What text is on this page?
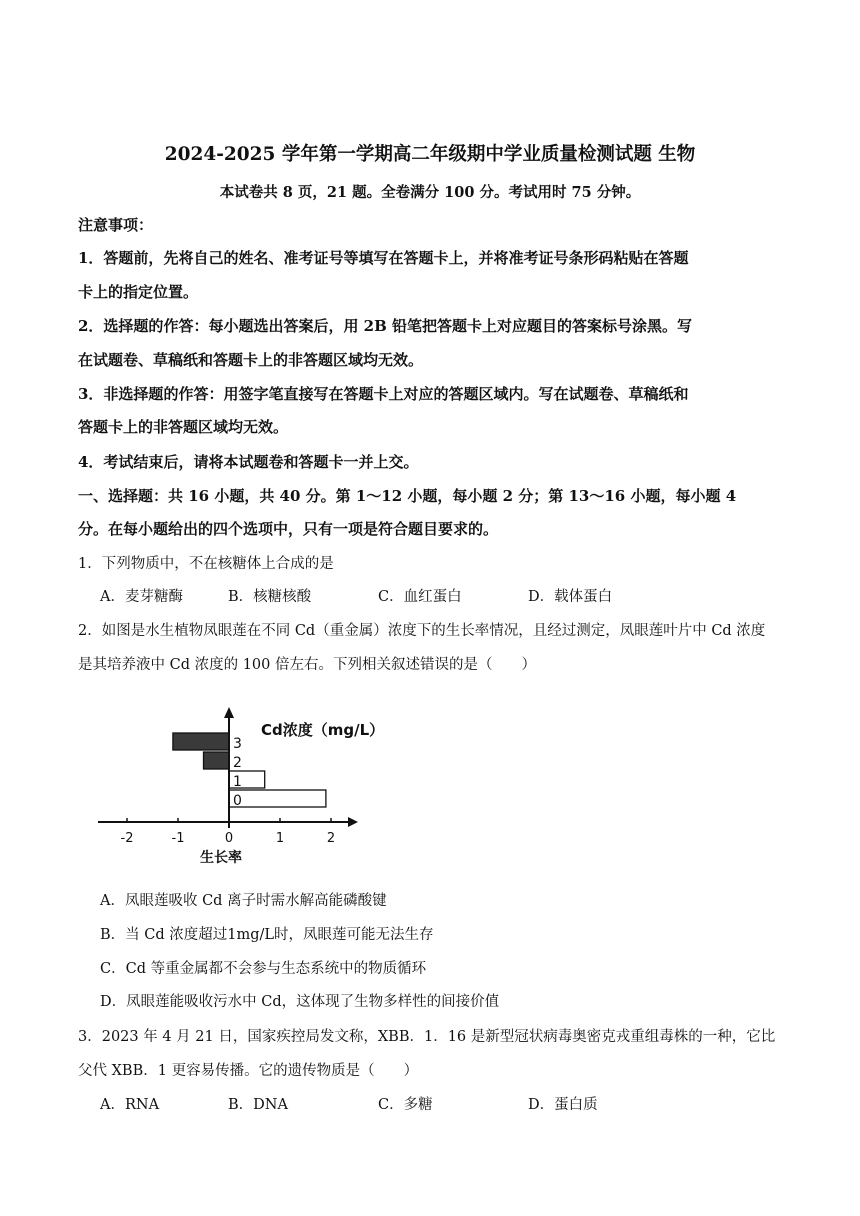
2024-2025 学年第一学期高二年级期中学业质量检测试题 生物
本试卷共 8 页，21 题。全卷满分 100 分。考试用时 75 分钟。
注意事项：
1．答题前，先将自己的姓名、准考证号等填写在答题卡上，并将准考证号条形码粘贴在答题
卡上的指定位置。
2．选择题的作答：每小题选出答案后，用 2B 铅笔把答题卡上对应题目的答案标号涂黑。写
在试题卷、草稿纸和答题卡上的非答题区域均无效。
3．非选择题的作答：用签字笔直接写在答题卡上对应的答题区域内。写在试题卷、草稿纸和
答题卡上的非答题区域均无效。
4．考试结束后，请将本试题卷和答题卡一并上交。
一、选择题：共 16 小题，共 40 分。第 1～12 小题，每小题 2 分；第 13～16 小题，每小题 4
分。在每小题给出的四个选项中，只有一项是符合题目要求的。
1．下列物质中，不在核糖体上合成的是
A．麦芽糖酶	B．核糖核酸	C．血红蛋白	D．载体蛋白
2．如图是水生植物凤眼莲在不同 Cd（重金属）浓度下的生长率情况，且经过测定，凤眼莲叶片中 Cd 浓度
是其培养液中 Cd 浓度的 100 倍左右。下列相关叙述错误的是（　　）
3
2
1
0
-2	-1	0	1	2
Cd浓度（mg/L）
生长率
A．凤眼莲吸收 Cd 离子时需水解高能磷酸键
B．当 Cd 浓度超过1mg/L时，凤眼莲可能无法生存
C．Cd 等重金属都不会参与生态系统中的物质循环
D．凤眼莲能吸收污水中 Cd，这体现了生物多样性的间接价值
3．2023 年 4 月 21 日，国家疾控局发文称，XBB．1．16 是新型冠状病毒奥密克戎重组毒株的一种，它比
父代 XBB．1 更容易传播。它的遗传物质是（　　）
A．RNA	B．DNA	C．多糖	D．蛋白质
